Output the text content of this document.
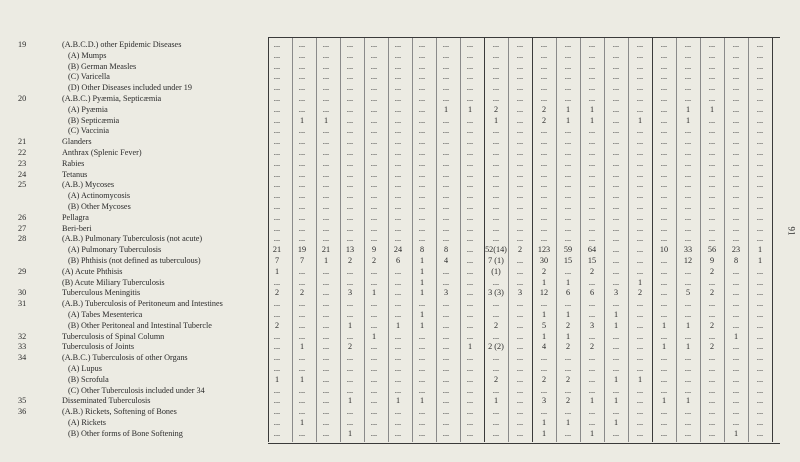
19	(A.B.C.D.) other Epidemic Diseases	...	...	...	...	...	...	...	...	...	...	...	...	...	...	...	...	...	...	...	...	...
(A) Mumps	...	...	...	...	...	...	...	...	...	...	...	...	...	...	...	...	...	...	...	...	...
(B) German Measles	...	...	...	...	...	...	...	...	...	...	...	...	...	...	...	...	...	...	...	...	...
(C) Varicella	...	...	...	...	...	...	...	...	...	...	...	...	...	...	...	...	...	...	...	...	...
(D) Other Diseases included under 19	...	...	...	...	...	...	...	...	...	...	...	...	...	...	...	...	...	...	...	...	...
20	(A.B.C.) Pyæmia, Septicæmia	...	...	...	...	...	...	...	...	...	...	...	...	...	...	...	...	...	...	...	...	...
(A) Pyæmia	...	...	...	...	...	...	...	1	1	2	...	2	1	1	...	...	...	1	1	...	...
(B) Septicæmia	...	1	1	...	...	...	...	...	...	1	...	2	1	1	...	1	...	1	...	...	...
(C) Vaccinia	...	...	...	...	...	...	...	...	...	...	...	...	...	...	...	...	...	...	...	...	...
21	Glanders	...	...	...	...	...	...	...	...	...	...	...	...	...	...	...	...	...	...	...	...	...
22	Anthrax (Splenic Fever)	...	...	...	...	...	...	...	...	...	...	...	...	...	...	...	...	...	...	...	...	...
23	Rabies	...	...	...	...	...	...	...	...	...	...	...	...	...	...	...	...	...	...	...	...	...
24	Tetanus	...	...	...	...	...	...	...	...	...	...	...	...	...	...	...	...	...	...	...	...	...
25	(A.B.) Mycoses	...	...	...	...	...	...	...	...	...	...	...	...	...	...	...	...	...	...	...	...	...
(A) Actinomycosis	...	...	...	...	...	...	...	...	...	...	...	...	...	...	...	...	...	...	...	...	...
(B) Other Mycoses	...	...	...	...	...	...	...	...	...	...	...	...	...	...	...	...	...	...	...	...	...
26	Pellagra	...	...	...	...	...	...	...	...	...	...	...	...	...	...	...	...	...	...	...	...	...
27	Beri-beri	...	...	...	...	...	...	...	...	...	...	...	...	...	...	...	...	...	...	...	...	...
28	(A.B.) Pulmonary Tuberculosis (not acute)	...	...	...	...	...	...	...	...	...	...	...	...	...	...	...	...	...	...	...	...	...
(A) Pulmonary Tuberculosis	21	19	21	13	9	24	8	8	...	52(14)	2	123	59	64	...	...	10	33	56	23	1
(B) Phthisis (not defined as tuberculous)	7	7	1	2	2	6	1	4	...	7 (1)	...	30	15	15	...	...	...	12	9	8	1
29	(A) Acute Phthisis	1	...	...	...	...	...	1	...	...	(1)	...	2	...	2	...	...	...	...	2	...	...
(B) Acute Miliary Tuberculosis	...	...	...	...	...	...	1	...	...	...	...	1	1	...	...	1	...	...	...	...	...
30	Tuberculous Meningitis	2	2	...	3	1	...	1	3	...	3 (3)	3	12	6	6	3	2	...	5	2	...	...
31	(A.B.) Tuberculosis of Peritoneum and Intestines	...	...	...	...	...	...	...	...	...	...	...	...	...	...	...	...	...	...	...	...	...
(A) Tabes Mesenterica	...	...	...	...	...	...	1	...	...	...	...	1	1	...	1	...	...	...	...	...	...
(B) Other Peritoneal and Intestinal Tubercle	2	...	...	1	...	1	1	...	...	2	...	5	2	3	1	...	1	1	2	...	...
32	Tuberculosis of Spinal Column	...	...	...	...	1	...	...	...	...	...	...	1	1	...	...	...	...	...	...	1	...
33	Tuberculosis of Joints	...	1	...	2	...	...	...	...	1	2 (2)	...	4	2	2	...	...	1	1	2	...	...
34	(A.B.C.) Tuberculosis of other Organs	...	...	...	...	...	...	...	...	...	...	...	...	...	...	...	...	...	...	...	...	...
(A) Lupus	...	...	...	...	...	...	...	...	...	...	...	...	...	...	...	...	...	...	...	...	...
(B) Scrofula	1	1	...	...	...	...	...	...	...	2	...	2	2	...	1	1	...	...	...	...	...
(C) Other Tuberculosis included under 34	...	...	...	...	...	...	...	...	...	...	...	...	...	...	...	...	...	...	...	...	...
35	Disseminated Tuberculosis	...	...	...	1	...	1	1	...	...	1	...	3	2	1	1	...	1	1	...	...	...
36	(A.B.) Rickets, Softening of Bones	...	...	...	...	...	...	...	...	...	...	...	...	...	...	...	...	...	...	...	...	...
(A) Rickets	...	1	...	...	...	...	...	...	...	...	...	1	1	...	1	...	...	...	...	...	...
(B) Other forms of Bone Softening	...	...	...	1	...	...	...	...	...	...	...	1	...	1	...	...	...	...	...	1	...
91
